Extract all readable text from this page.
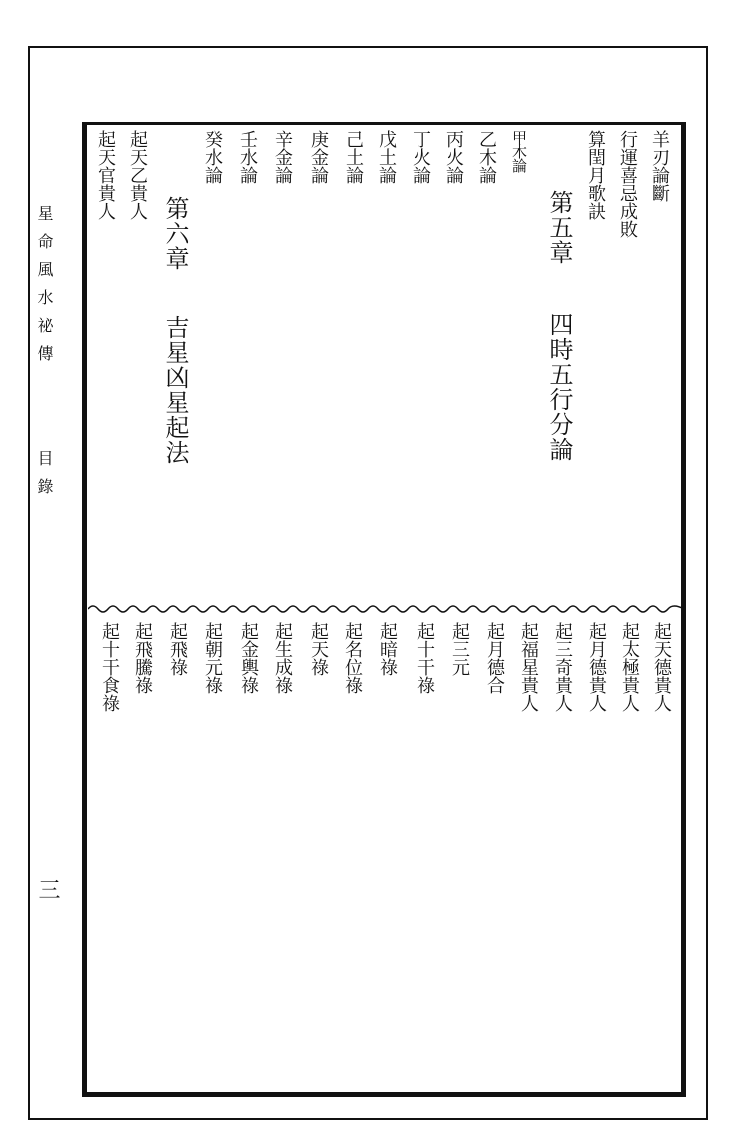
星命風水祕傳
目錄
三
羊刃論斷
行運喜忌成敗
算閏月歌訣
第五章
四時五行分論
甲木論
乙木論
丙火論
丁火論
戊土論
己土論
庚金論
辛金論
壬水論
癸水論
第六章
吉星凶星起法
起天乙貴人
起天官貴人
起天德貴人
起太極貴人
起月德貴人
起三奇貴人
起福星貴人
起月德合
起三元
起十干祿
起暗祿
起名位祿
起天祿
起生成祿
起金輿祿
起朝元祿
起飛祿
起飛騰祿
起十干食祿
